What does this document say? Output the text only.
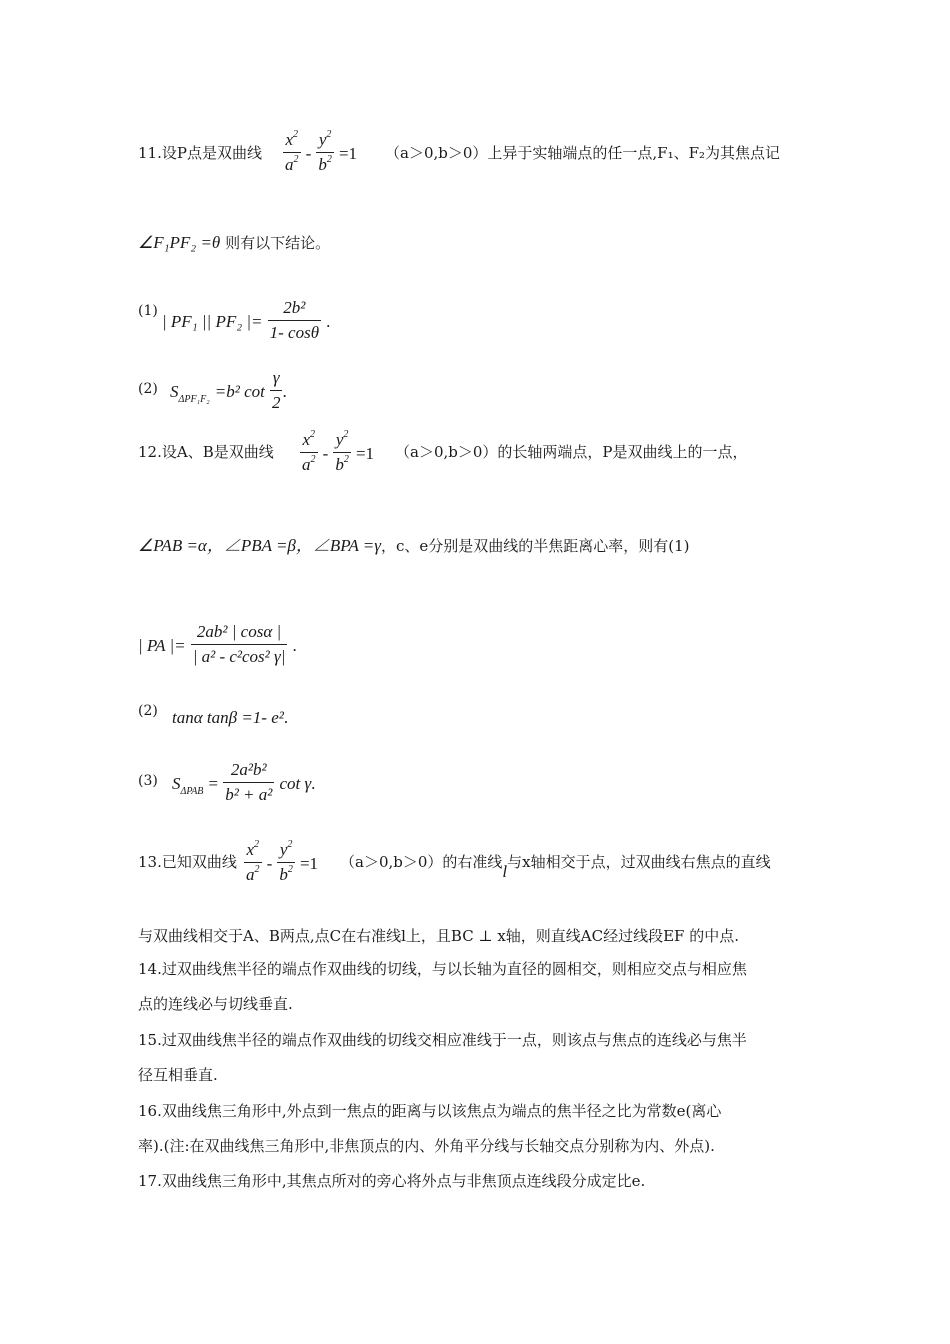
11.设P点是双曲线 $\frac{x^2}{a^2} - \frac{y^2}{b^2} =1$ （a＞0,b＞0）上异于实轴端点的任一点,F₁、F₂为其焦点记
∠F₁PF₂ =θ 则有以下结论。
(1)
| PF₁ || PF₂ |= $\frac{\text{2b²}}{1- \cos\theta}$ .
(2) $S_{\Delta PF_1F_2} =b^2$ $\cot \frac{\gamma}{2}$ .
12.设A、B是双曲线 $\frac{x^2}{a^2} - \frac{y^2}{b^2} =1$ （a＞0,b＞0）的长轴两端点，P是双曲线上的一点，
∠PAB =α，∠PBA =β，∠BPA =γ，c、e分别是双曲线的半焦距离心率，则有(1)
| PA |= $\frac{\text{2ab² | cosα |}}{\text{| a² - c²cos² γ|}}$ .
(2) tanα tanβ =1- e².
(3) $S_{\Delta PAB} = \frac{\text{2a²b²}}{\text{b² + a²}}$ cot γ.
13.已知双曲线 $\frac{x^2}{a^2} - \frac{y^2}{b^2} =1$ （a＞0,b＞0）的右准线l与x轴相交于点，过双曲线右焦点的直线
与双曲线相交于A、B两点,点C在右准线l上，且BC ⊥ x轴，则直线AC经过线段EF 的中点.
14.过双曲线焦半径的端点作双曲线的切线，与以长轴为直径的圆相交，则相应交点与相应焦
点的连线必与切线垂直.
15.过双曲线焦半径的端点作双曲线的切线交相应准线于一点，则该点与焦点的连线必与焦半
径互相垂直.
16.双曲线焦三角形中,外点到一焦点的距离与以该焦点为端点的焦半径之比为常数e(离心
率).(注:在双曲线焦三角形中,非焦顶点的内、外角平分线与长轴交点分别称为内、外点).
17.双曲线焦三角形中,其焦点所对的旁心将外点与非焦顶点连线段分成定比e.
